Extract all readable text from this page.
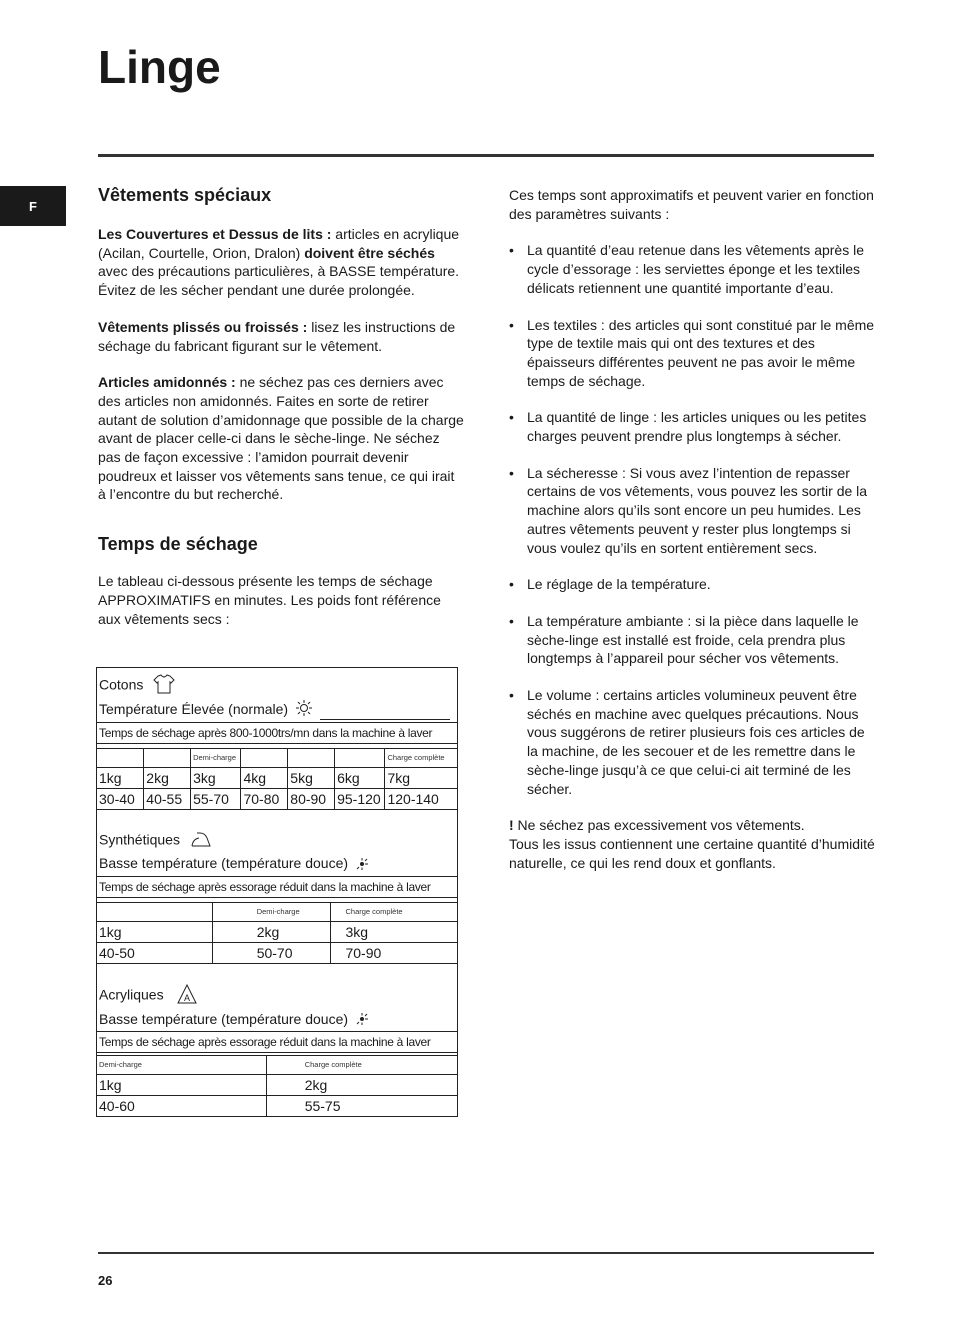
Linge
F
Vêtements spéciaux

Les Couvertures et Dessus de lits : articles en acrylique (Acilan, Courtelle, Orion, Dralon) doivent être séchés avec des précautions particulières, à BASSE température. Évitez de les sécher pendant une durée prolongée.

Vêtements plissés ou froissés : lisez les instructions de séchage du fabricant figurant sur le vêtement.

Articles amidonnés : ne séchez pas ces derniers avec des articles non amidonnés. Faites en sorte de retirer autant de solution d’amidonnage que possible de la charge avant de placer celle-ci dans le sèche-linge. Ne séchez pas de façon excessive : l’amidon pourrait devenir poudreux et laisser vos vêtements sans tenue, ce qui irait à l’encontre du but recherché.

Temps de séchage

Le tableau ci-dessous présente les temps de séchage APPROXIMATIFS en minutes. Les poids font référence aux vêtements secs :

Cotons
Température Élevée (normale)
Temps de séchage après 800-1000trs/mn dans la machine à laver
		Demi-charge				Charge complète
1kg	2kg	3kg	4kg	5kg	6kg	7kg
30-40	40-55	55-70	70-80	80-90	95-120	120-140
Synthétiques
Basse température (température douce)
Temps de séchage après essorage réduit dans la machine à laver
	Demi-charge	Charge complète
1kg	2kg	3kg
40-50	50-70	70-90
Acryliques A
Basse température (température douce)
Temps de séchage après essorage réduit dans la machine à laver
Demi-charge	Charge complète
1kg	2kg
40-60	55-75

Ces temps sont approximatifs et peuvent varier en fonction des paramètres suivants :

• La quantité d’eau retenue dans les vêtements après le cycle d’essorage : les serviettes éponge et les textiles délicats retiennent une quantité importante d’eau.
• Les textiles : des articles qui sont constitué par le même type de textile mais qui ont des textures et des épaisseurs différentes peuvent ne pas avoir le même temps de séchage.
• La quantité de linge : les articles uniques ou les petites charges peuvent prendre plus longtemps à sécher.
• La sécheresse : Si vous avez l’intention de repasser certains de vos vêtements, vous pouvez les sortir de la machine alors qu’ils sont encore un peu humides. Les autres vêtements peuvent y rester plus longtemps si vous voulez qu’ils en sortent entièrement secs.
• Le réglage de la température.
• La température ambiante : si la pièce dans laquelle le sèche-linge est installé est froide, cela prendra plus longtemps à l’appareil pour sécher vos vêtements.
• Le volume : certains articles volumineux peuvent être séchés en machine avec quelques précautions. Nous vous suggérons de retirer plusieurs fois ces articles de la machine, de les secouer et de les remettre dans le sèche-linge jusqu’à ce que celui-ci ait terminé de les sécher.

! Ne séchez pas excessivement vos vêtements.
Tous les issus contiennent une certaine quantité d’humidité naturelle, ce qui les rend doux et gonflants.

26
